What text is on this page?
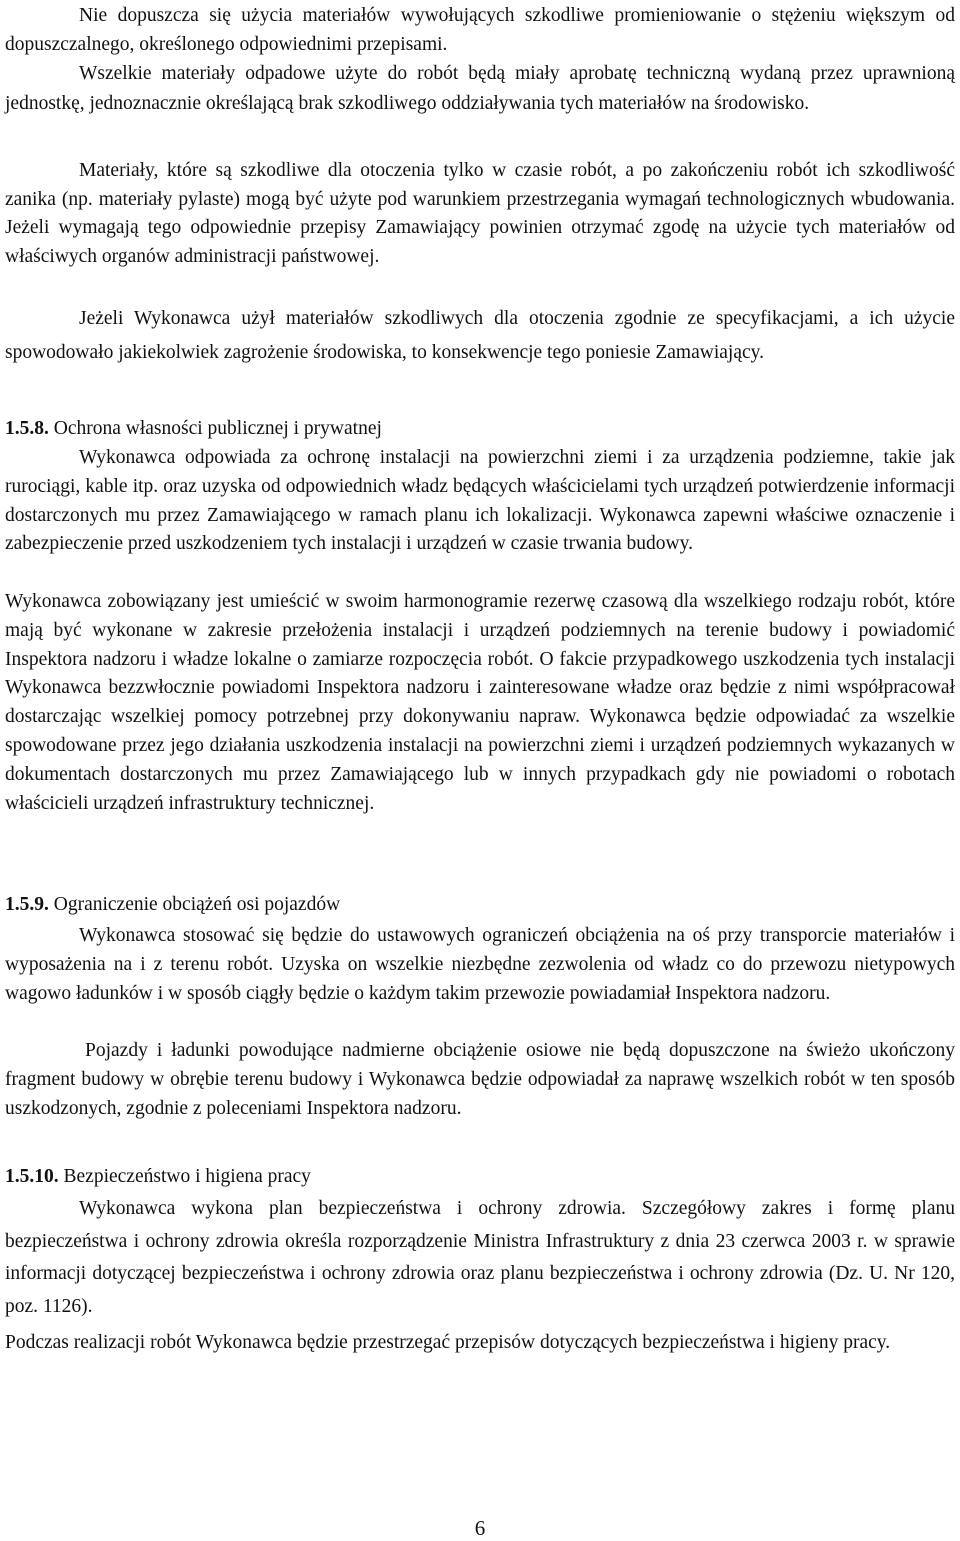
Nie dopuszcza się użycia materiałów wywołujących szkodliwe promieniowanie o stężeniu większym od dopuszczalnego, określonego odpowiednimi przepisami.

Wszelkie materiały odpadowe użyte do robót będą miały aprobatę techniczną wydaną przez uprawnioną jednostkę, jednoznacznie określającą brak szkodliwego oddziaływania tych materiałów na środowisko.

Materiały, które są szkodliwe dla otoczenia tylko w czasie robót, a po zakończeniu robót ich szkodliwość zanika (np. materiały pylaste) mogą być użyte pod warunkiem przestrzegania wymagań technologicznych wbudowania. Jeżeli wymagają tego odpowiednie przepisy Zamawiający powinien otrzymać zgodę na użycie tych materiałów od właściwych organów administracji państwowej.

Jeżeli Wykonawca użył materiałów szkodliwych dla otoczenia zgodnie ze specyfikacjami, a ich użycie spowodowało jakiekolwiek zagrożenie środowiska, to konsekwencje tego poniesie Zamawiający.

1.5.8. Ochrona własności publicznej i prywatnej

Wykonawca odpowiada za ochronę instalacji na powierzchni ziemi i za urządzenia podziemne, takie jak rurociągi, kable itp. oraz uzyska od odpowiednich władz będących właścicielami tych urządzeń potwierdzenie informacji dostarczonych mu przez Zamawiającego w ramach planu ich lokalizacji. Wykonawca zapewni właściwe oznaczenie i zabezpieczenie przed uszkodzeniem tych instalacji i urządzeń w czasie trwania budowy.

Wykonawca zobowiązany jest umieścić w swoim harmonogramie rezerwę czasową dla wszelkiego rodzaju robót, które mają być wykonane w zakresie przełożenia instalacji i urządzeń podziemnych na terenie budowy i powiadomić Inspektora nadzoru i władze lokalne o zamiarze rozpoczęcia robót. O fakcie przypadkowego uszkodzenia tych instalacji Wykonawca bezzwłocznie powiadomi Inspektora nadzoru i zainteresowane władze oraz będzie z nimi współpracował dostarczając wszelkiej pomocy potrzebnej przy dokonywaniu napraw. Wykonawca będzie odpowiadać za wszelkie spowodowane przez jego działania uszkodzenia instalacji na powierzchni ziemi i urządzeń podziemnych wykazanych w dokumentach dostarczonych mu przez Zamawiającego lub w innych przypadkach gdy nie powiadomi o robotach właścicieli urządzeń infrastruktury technicznej.

1.5.9. Ograniczenie obciążeń osi pojazdów

Wykonawca stosować się będzie do ustawowych ograniczeń obciążenia na oś przy transporcie materiałów i wyposażenia na i z terenu robót. Uzyska on wszelkie niezbędne zezwolenia od władz co do przewozu nietypowych wagowo ładunków i w sposób ciągły będzie o każdym takim przewozie powiadamiał Inspektora nadzoru.

Pojazdy i ładunki powodujące nadmierne obciążenie osiowe nie będą dopuszczone na świeżo ukończony fragment budowy w obrębie terenu budowy i Wykonawca będzie odpowiadał za naprawę wszelkich robót w ten sposób uszkodzonych, zgodnie z poleceniami Inspektora nadzoru.

1.5.10. Bezpieczeństwo i higiena pracy

Wykonawca wykona plan bezpieczeństwa i ochrony zdrowia. Szczegółowy zakres i formę planu bezpieczeństwa i ochrony zdrowia określa rozporządzenie Ministra Infrastruktury z dnia 23 czerwca 2003 r. w sprawie informacji dotyczącej bezpieczeństwa i ochrony zdrowia oraz planu bezpieczeństwa i ochrony zdrowia (Dz. U. Nr 120, poz. 1126).

Podczas realizacji robót Wykonawca będzie przestrzegać przepisów dotyczących bezpieczeństwa i higieny pracy.

6
